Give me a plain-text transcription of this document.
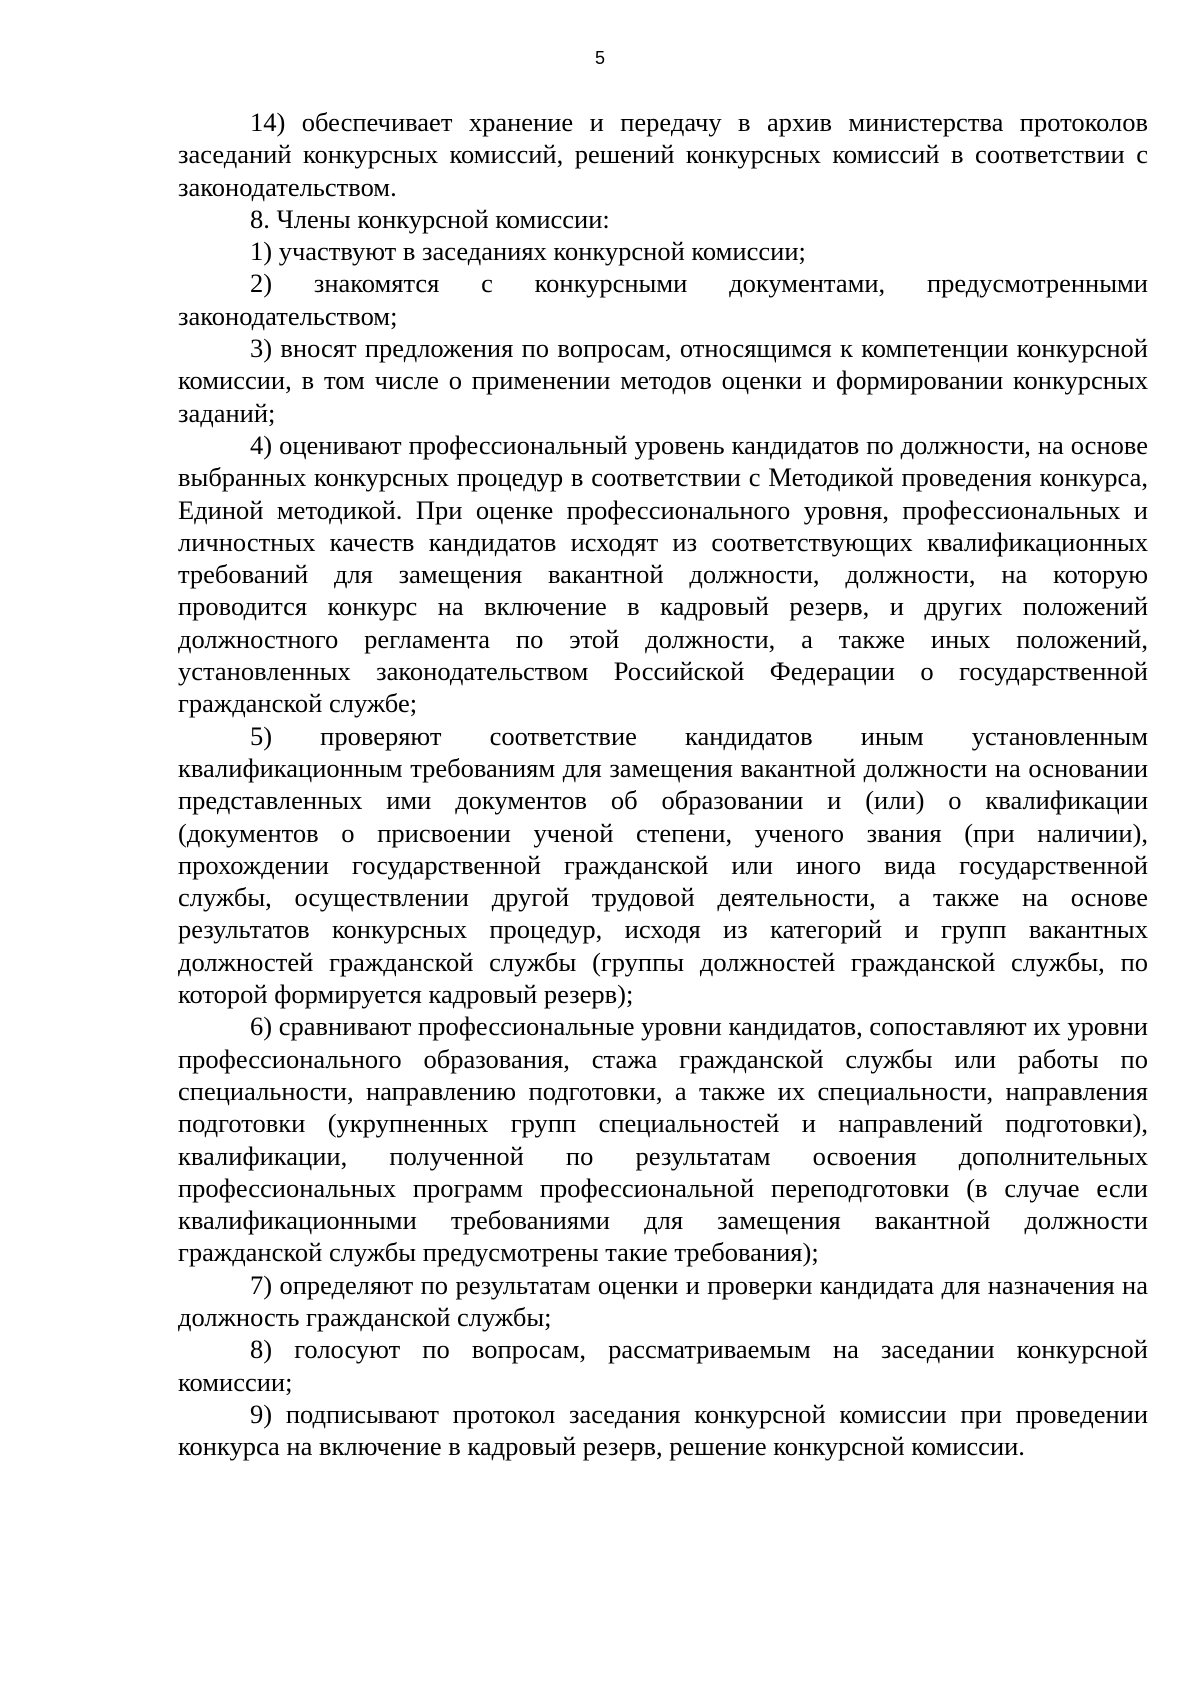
5

14) обеспечивает хранение и передачу в архив министерства протоколов заседаний конкурсных комиссий, решений конкурсных комиссий в соответствии с законодательством.

8. Члены конкурсной комиссии:

1) участвуют в заседаниях конкурсной комиссии;

2) знакомятся с конкурсными документами, предусмотренными законодательством;

3) вносят предложения по вопросам, относящимся к компетенции конкурсной комиссии, в том числе о применении методов оценки и формировании конкурсных заданий;

4) оценивают профессиональный уровень кандидатов по должности, на основе выбранных конкурсных процедур в соответствии с Методикой проведения конкурса, Единой методикой. При оценке профессионального уровня, профессиональных и личностных качеств кандидатов исходят из соответствующих квалификационных требований для замещения вакантной должности, должности, на которую проводится конкурс на включение в кадровый резерв, и других положений должностного регламента по этой должности, а также иных положений, установленных законодательством Российской Федерации о государственной гражданской службе;

5) проверяют соответствие кандидатов иным установленным квалификационным требованиям для замещения вакантной должности на основании представленных ими документов об образовании и (или) о квалификации (документов о присвоении ученой степени, ученого звания (при наличии), прохождении государственной гражданской или иного вида государственной службы, осуществлении другой трудовой деятельности, а также на основе результатов конкурсных процедур, исходя из категорий и групп вакантных должностей гражданской службы (группы должностей гражданской службы, по которой формируется кадровый резерв);

6) сравнивают профессиональные уровни кандидатов, сопоставляют их уровни профессионального образования, стажа гражданской службы или работы по специальности, направлению подготовки, а также их специальности, направления подготовки (укрупненных групп специальностей и направлений подготовки), квалификации, полученной по результатам освоения дополнительных профессиональных программ профессиональной переподготовки (в случае если квалификационными требованиями для замещения вакантной должности гражданской службы предусмотрены такие требования);

7) определяют по результатам оценки и проверки кандидата для назначения на должность гражданской службы;

8) голосуют по вопросам, рассматриваемым на заседании конкурсной комиссии;

9) подписывают протокол заседания конкурсной комиссии при проведении конкурса на включение в кадровый резерв, решение конкурсной комиссии.
